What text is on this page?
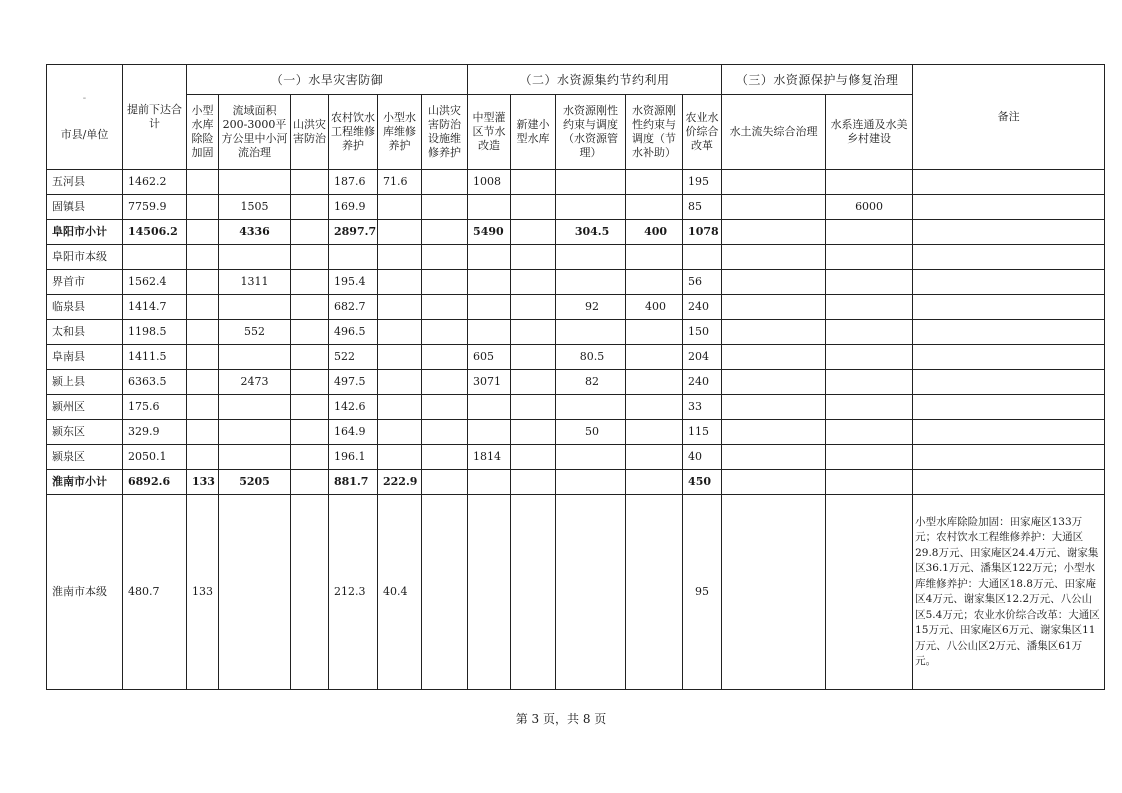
-
市县/单位	提前下达合计	（一）水旱灾害防御						（二）水资源集约节约利用					（三）水资源保护与修复治理		备注
		小型水库除险加固	流域面积200-3000平方公里中小河流治理	山洪灾害防治	农村饮水工程维修养护	小型水库维修养护	山洪灾害防治设施维修养护	中型灌区节水改造	新建小型水库	水资源刚性约束与调度（水资源管理）	水资源刚性约束与调度（节水补助）	农业水价综合改革	水土流失综合治理	水系连通及水美乡村建设	
五河县	1462.2				187.6	71.6		1008				195			
固镇县	7759.9		1505		169.9							85		6000	
阜阳市小计	14506.2		4336		2897.7			5490		304.5	400	1078			
阜阳市本级															
界首市	1562.4		1311		195.4							56			
临泉县	1414.7				682.7					92	400	240			
太和县	1198.5		552		496.5							150			
阜南县	1411.5				522			605		80.5		204			
颍上县	6363.5		2473		497.5			3071		82		240			
颍州区	175.6				142.6							33			
颍东区	329.9				164.9					50		115			
颍泉区	2050.1				196.1			1814				40			
淮南市小计	6892.6	133	5205		881.7	222.9						450			
淮南市本级	480.7	133			212.3	40.4						95			小型水库除险加固：田家庵区133万元；农村饮水工程维修养护：大通区29.8万元、田家庵区24.4万元、谢家集区36.1万元、潘集区122万元；小型水库维修养护：大通区18.8万元、田家庵区4万元、谢家集区12.2万元、八公山区5.4万元；农业水价综合改革：大通区15万元、田家庵区6万元、谢家集区11万元、八公山区2万元、潘集区61万元。
第 3 页，共 8 页
